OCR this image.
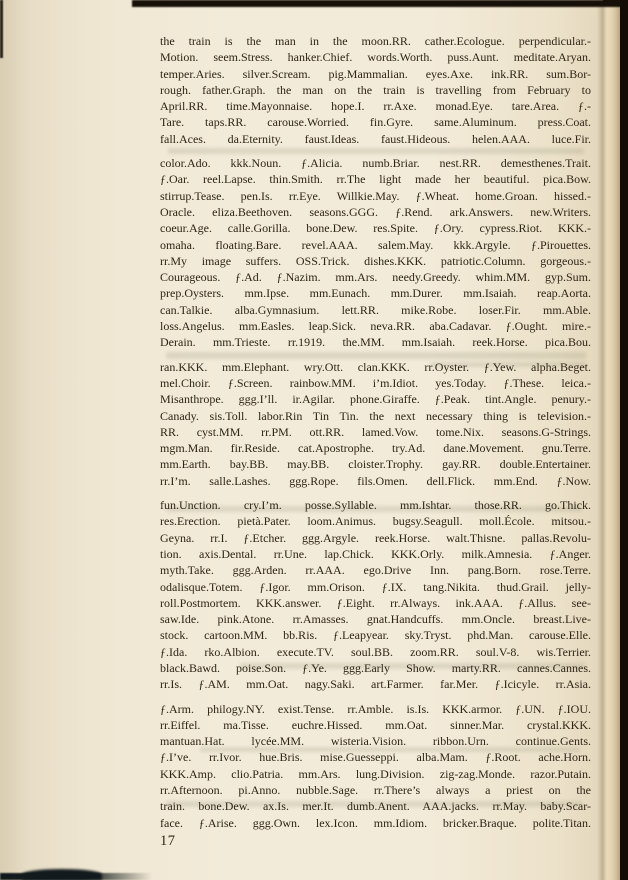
the train is the man in the moon.RR. cather.Ecologue. perpendicular.-
Motion. seem.Stress. hanker.Chief. words.Worth. puss.Aunt. meditate.Aryan.
temper.Aries. silver.Scream. pig.Mammalian. eyes.Axe. ink.RR. sum.Bor-
rough. father.Graph. the man on the train is travelling from February to
April.RR. time.Mayonnaise. hope.I. rr.Axe. monad.Eye. tare.Area. ƒ.-
Tare. taps.RR. carouse.Worried. fin.Gyre. same.Aluminum. press.Coat.
fall.Aces. da.Eternity. faust.Ideas. faust.Hideous. helen.AAA. luce.Fir.
color.Ado. kkk.Noun. ƒ.Alicia. numb.Briar. nest.RR. demesthenes.Trait.
ƒ.Oar. reel.Lapse. thin.Smith. rr.The light made her beautiful. pica.Bow.
stirrup.Tease. pen.Is. rr.Eye. Willkie.May. ƒ.Wheat. home.Groan. hissed.-
Oracle. eliza.Beethoven. seasons.GGG. ƒ.Rend. ark.Answers. new.Writers.
coeur.Age. calle.Gorilla. bone.Dew. res.Spite. ƒ.Ory. cypress.Riot. KKK.-
omaha. floating.Bare. revel.AAA. salem.May. kkk.Argyle. ƒ.Pirouettes.
rr.My image suffers. OSS.Trick. dishes.KKK. patriotic.Column. gorgeous.-
Courageous. ƒ.Ad. ƒ.Nazim. mm.Ars. needy.Greedy. whim.MM. gyp.Sum.
prep.Oysters. mm.Ipse. mm.Eunach. mm.Durer. mm.Isaiah. reap.Aorta.
can.Talkie. alba.Gymnasium. lett.RR. mike.Robe. loser.Fir. mm.Able.
loss.Angelus. mm.Easles. leap.Sick. neva.RR. aba.Cadavar. ƒ.Ought. mire.-
Derain. mm.Trieste. rr.1919. the.MM. mm.Isaiah. reek.Horse. pica.Bou.
ran.KKK. mm.Elephant. wry.Ott. clan.KKK. rr.Oyster. ƒ.Yew. alpha.Beget.
mel.Choir. ƒ.Screen. rainbow.MM. i’m.Idiot. yes.Today. ƒ.These. leica.-
Misanthrope. ggg.I’ll. ir.Agilar. phone.Giraffe. ƒ.Peak. tint.Angle. penury.-
Canady. sis.Toll. labor.Rin Tin Tin. the next necessary thing is television.-
RR. cyst.MM. rr.PM. ott.RR. lamed.Vow. tome.Nix. seasons.G-Strings.
mgm.Man. fir.Reside. cat.Apostrophe. try.Ad. dane.Movement. gnu.Terre.
mm.Earth. bay.BB. may.BB. cloister.Trophy. gay.RR. double.Entertainer.
rr.I’m. salle.Lashes. ggg.Rope. fils.Omen. dell.Flick. mm.End. ƒ.Now.
fun.Unction. cry.I’m. posse.Syllable. mm.Ishtar. those.RR. go.Thick.
res.Erection. pietà.Pater. loom.Animus. bugsy.Seagull. moll.École. mitsou.-
Geyna. rr.I. ƒ.Etcher. ggg.Argyle. reek.Horse. walt.Thisne. pallas.Revolu-
tion. axis.Dental. rr.Une. lap.Chick. KKK.Orly. milk.Amnesia. ƒ.Anger.
myth.Take. ggg.Arden. rr.AAA. ego.Drive Inn. pang.Born. rose.Terre.
odalisque.Totem. ƒ.Igor. mm.Orison. ƒ.IX. tang.Nikita. thud.Grail. jelly-
roll.Postmortem. KKK.answer. ƒ.Eight. rr.Always. ink.AAA. ƒ.Allus. see-
saw.Ide. pink.Atone. rr.Amasses. gnat.Handcuffs. mm.Oncle. breast.Live-
stock. cartoon.MM. bb.Ris. ƒ.Leapyear. sky.Tryst. phd.Man. carouse.Elle.
ƒ.Ida. rko.Albion. execute.TV. soul.BB. zoom.RR. soul.V-8. wis.Terrier.
black.Bawd. poise.Son. ƒ.Ye. ggg.Early Show. marty.RR. cannes.Cannes.
rr.Is. ƒ.AM. mm.Oat. nagy.Saki. art.Farmer. far.Mer. ƒ.Icicyle. rr.Asia.
ƒ.Arm. philogy.NY. exist.Tense. rr.Amble. is.Is. KKK.armor. ƒ.UN. ƒ.IOU.
rr.Eiffel. ma.Tisse. euchre.Hissed. mm.Oat. sinner.Mar. crystal.KKK.
mantuan.Hat. lycée.MM. wisteria.Vision. ribbon.Urn. continue.Gents.
ƒ.I’ve. rr.Ivor. hue.Bris. mise.Guesseppi. alba.Mam. ƒ.Root. ache.Horn.
KKK.Amp. clio.Patria. mm.Ars. lung.Division. zig-zag.Monde. razor.Putain.
rr.Afternoon. pi.Anno. nubble.Sage. rr.There’s always a priest on the
train. bone.Dew. ax.Is. mer.It. dumb.Anent. AAA.jacks. rr.May. baby.Scar-
face. ƒ.Arise. ggg.Own. lex.Icon. mm.Idiom. bricker.Braque. polite.Titan.
17
